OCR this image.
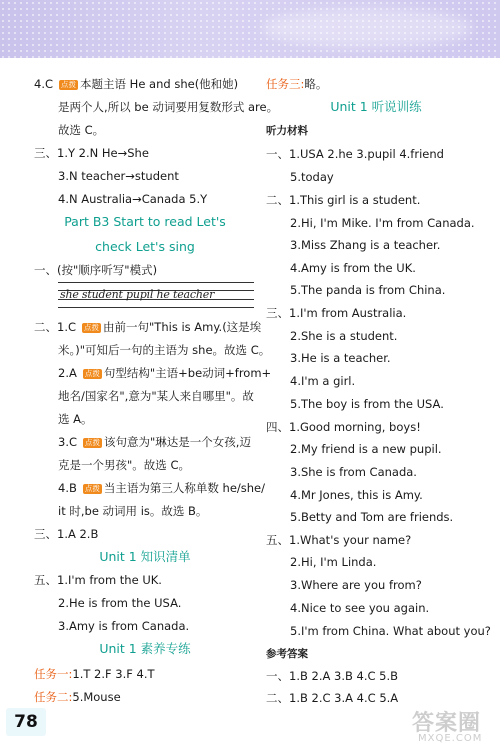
4.C 点拨 本题主语 He and she(他和她)
是两个人,所以 be 动词要用复数形式 are。
故选 C。
三、1.Y 2.N He→She
3.N teacher→student
4.N Australia→Canada 5.Y
Part B3 Start to read Let's
check Let's sing
一、(按"顺序听写"模式)
she student pupil he teacher
二、1.C 点拨 由前一句"This is Amy.(这是埃
米。)"可知后一句的主语为 she。故选 C。
2.A 点拨 句型结构"主语+be动词+from+
地名/国家名",意为"某人来自哪里"。故
选 A。
3.C 点拨 该句意为"琳达是一个女孩,迈
克是一个男孩"。故选 C。
4.B 点拨 当主语为第三人称单数 he/she/
it 时,be 动词用 is。故选 B。
三、1.A 2.B
Unit 1 知识清单
五、1.I'm from the UK.
2.He is from the USA.
3.Amy is from Canada.
Unit 1 素养专练
任务一:1.T 2.F 3.F 4.T
任务二:5.Mouse
任务三:略。
Unit 1 听说训练
听力材料
一、1.USA 2.he 3.pupil 4.friend
5.today
二、1.This girl is a student.
2.Hi, I'm Mike. I'm from Canada.
3.Miss Zhang is a teacher.
4.Amy is from the UK.
5.The panda is from China.
三、1.I'm from Australia.
2.She is a student.
3.He is a teacher.
4.I'm a girl.
5.The boy is from the USA.
四、1.Good morning, boys!
2.My friend is a new pupil.
3.She is from Canada.
4.Mr Jones, this is Amy.
5.Betty and Tom are friends.
五、1.What's your name?
2.Hi, I'm Linda.
3.Where are you from?
4.Nice to see you again.
5.I'm from China. What about you?
参考答案
一、1.B 2.A 3.B 4.C 5.B
二、1.B 2.C 3.A 4.C 5.A
78	答案圈
MXQE.COM
